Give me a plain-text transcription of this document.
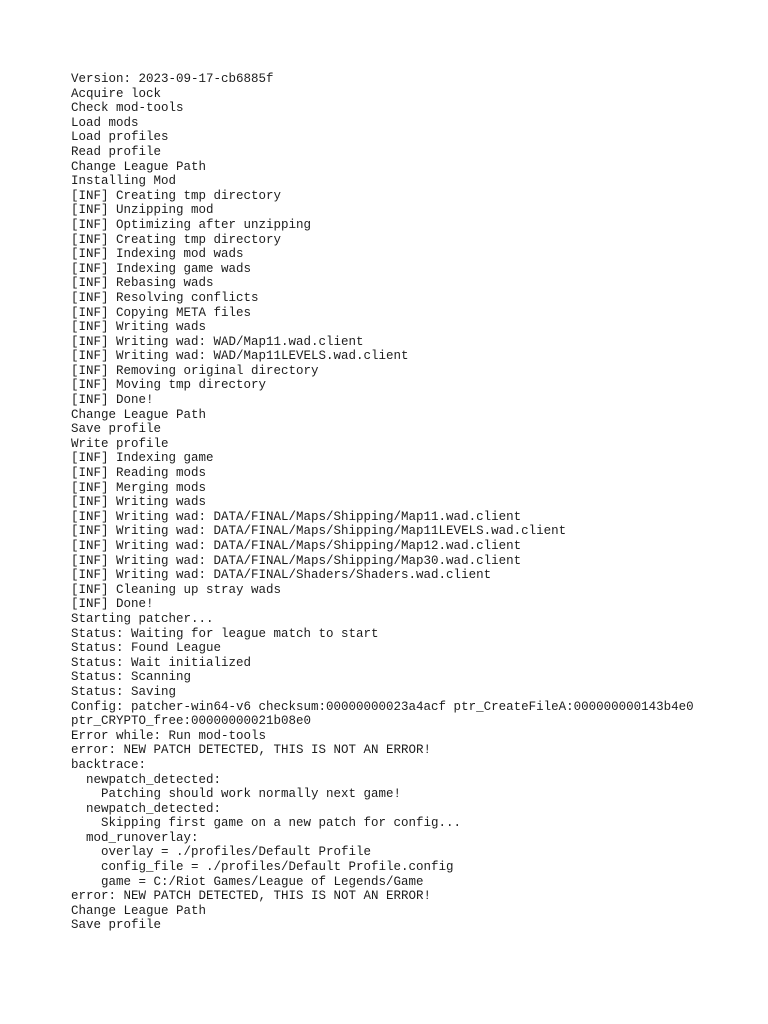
Version: 2023-09-17-cb6885f
Acquire lock
Check mod-tools
Load mods
Load profiles
Read profile
Change League Path
Installing Mod
[INF] Creating tmp directory
[INF] Unzipping mod
[INF] Optimizing after unzipping
[INF] Creating tmp directory
[INF] Indexing mod wads
[INF] Indexing game wads
[INF] Rebasing wads
[INF] Resolving conflicts
[INF] Copying META files
[INF] Writing wads
[INF] Writing wad: WAD/Map11.wad.client
[INF] Writing wad: WAD/Map11LEVELS.wad.client
[INF] Removing original directory
[INF] Moving tmp directory
[INF] Done!
Change League Path
Save profile
Write profile
[INF] Indexing game
[INF] Reading mods
[INF] Merging mods
[INF] Writing wads
[INF] Writing wad: DATA/FINAL/Maps/Shipping/Map11.wad.client
[INF] Writing wad: DATA/FINAL/Maps/Shipping/Map11LEVELS.wad.client
[INF] Writing wad: DATA/FINAL/Maps/Shipping/Map12.wad.client
[INF] Writing wad: DATA/FINAL/Maps/Shipping/Map30.wad.client
[INF] Writing wad: DATA/FINAL/Shaders/Shaders.wad.client
[INF] Cleaning up stray wads
[INF] Done!
Starting patcher...
Status: Waiting for league match to start
Status: Found League
Status: Wait initialized
Status: Scanning
Status: Saving
Config: patcher-win64-v6 checksum:00000000023a4acf ptr_CreateFileA:000000000143b4e0
ptr_CRYPTO_free:00000000021b08e0
Error while: Run mod-tools
error: NEW PATCH DETECTED, THIS IS NOT AN ERROR!
backtrace:
newpatch_detected:
Patching should work normally next game!
newpatch_detected:
Skipping first game on a new patch for config...
mod_runoverlay:
overlay = ./profiles/Default Profile
config_file = ./profiles/Default Profile.config
game = C:/Riot Games/League of Legends/Game
error: NEW PATCH DETECTED, THIS IS NOT AN ERROR!
Change League Path
Save profile
